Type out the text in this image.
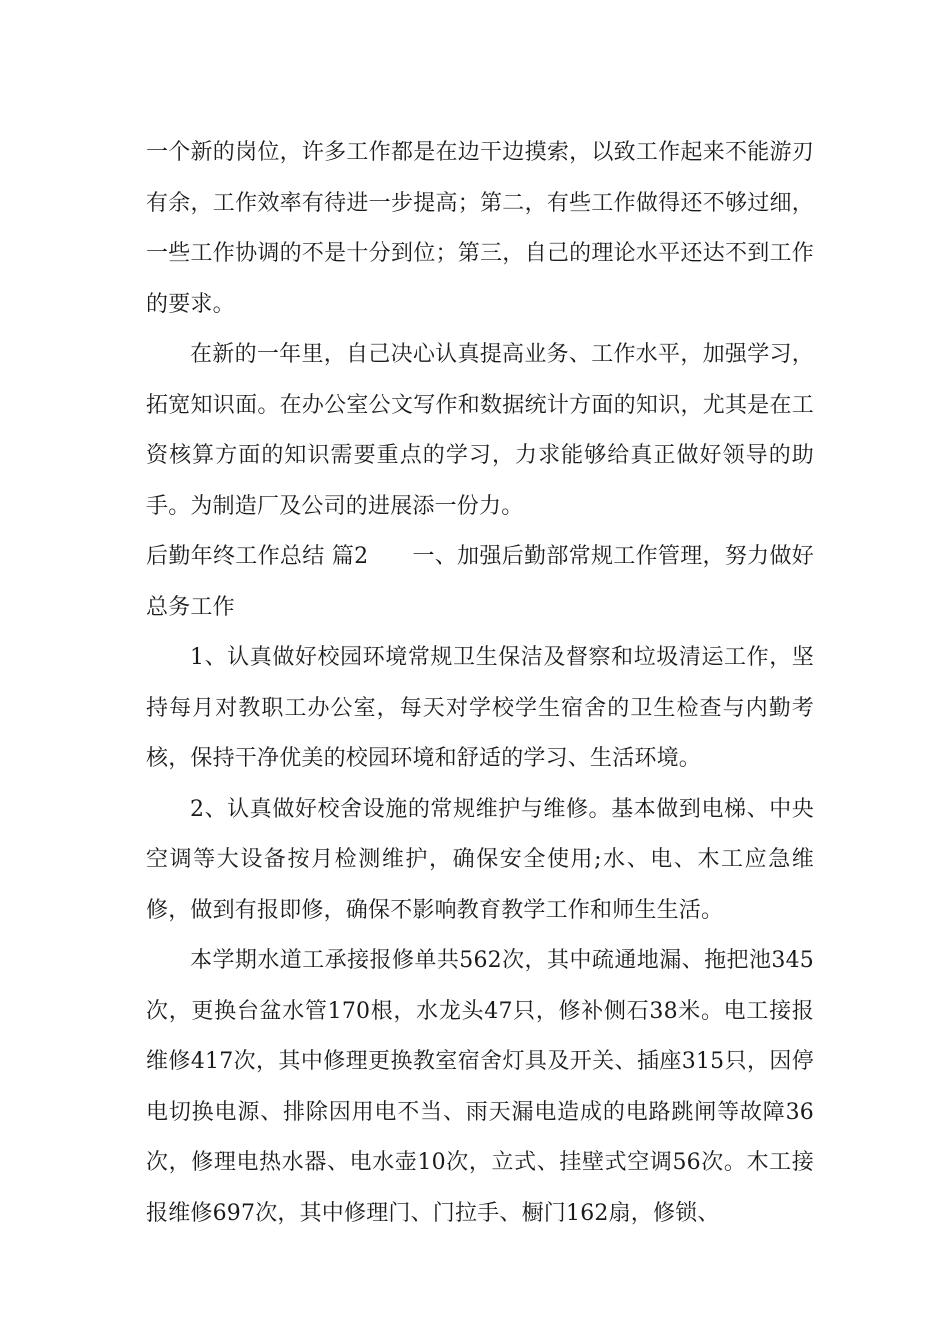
一个新的岗位，许多工作都是在边干边摸索，以致工作起来不能游刃有余，工作效率有待进一步提高；第二，有些工作做得还不够过细，一些工作协调的不是十分到位；第三，自己的理论水平还达不到工作的要求。

在新的一年里，自己决心认真提高业务、工作水平，加强学习，拓宽知识面。在办公室公文写作和数据统计方面的知识，尤其是在工资核算方面的知识需要重点的学习，力求能够给真正做好领导的助手。为制造厂及公司的进展添一份力。

后勤年终工作总结 篇2 一、加强后勤部常规工作管理，努力做好总务工作

1、认真做好校园环境常规卫生保洁及督察和垃圾清运工作，坚持每月对教职工办公室，每天对学校学生宿舍的卫生检查与内勤考核，保持干净优美的校园环境和舒适的学习、生活环境。

2、认真做好校舍设施的常规维护与维修。基本做到电梯、中央空调等大设备按月检测维护，确保安全使用;水、电、木工应急维修，做到有报即修，确保不影响教育教学工作和师生生活。

本学期水道工承接报修单共562次，其中疏通地漏、拖把池345次，更换台盆水管170根，水龙头47只，修补侧石38米。电工接报维修417次，其中修理更换教室宿舍灯具及开关、插座315只，因停电切换电源、排除因用电不当、雨天漏电造成的电路跳闸等故障36次，修理电热水器、电水壶10次，立式、挂壁式空调56次。木工接报维修697次，其中修理门、门拉手、橱门162扇，修锁、
